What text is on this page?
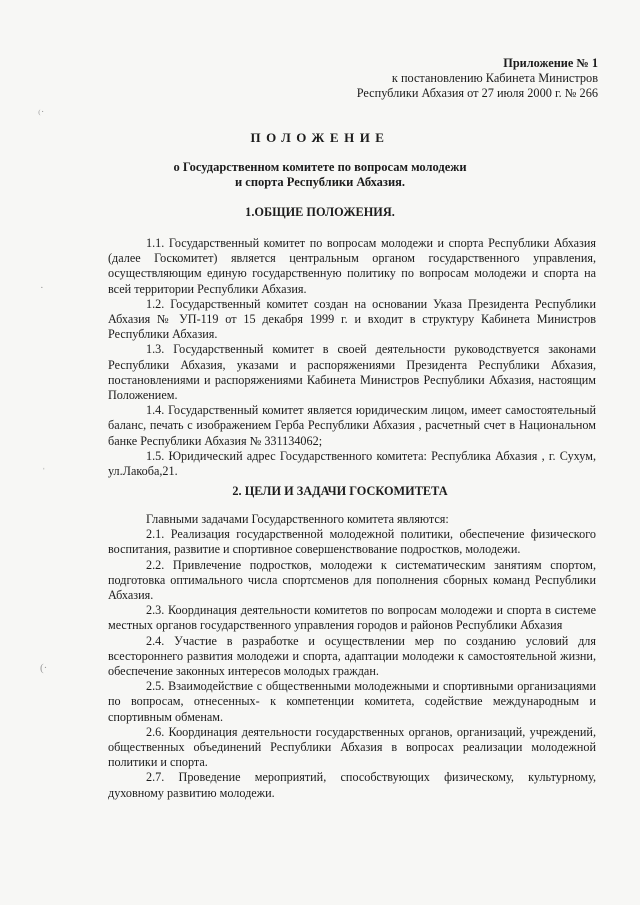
⁽˙
·
ˌ
(·
Приложение № 1
к постановлению Кабинета Министров
Республики Абхазия от 27 июля 2000 г. № 266
ПОЛОЖЕНИЕ
о Государственном комитете по вопросам молодежи
и спорта Республики Абхазия.
1.ОБЩИЕ ПОЛОЖЕНИЯ.

1.1. Государственный комитет по вопросам молодежи и спорта Республики Абхазия (далее Госкомитет) является центральным органом государственного управления, осуществляющим единую государственную политику по вопросам молодежи и спорта на всей территории Республики Абхазия.

1.2. Государственный комитет создан на основании Указа Президента Республики Абхазия № УП-119 от 15 декабря 1999 г. и входит в структуру Кабинета Министров Республики Абхазия.

1.3. Государственный комитет в своей деятельности руководствуется законами Республики Абхазия, указами и распоряжениями Президента Республики Абхазия, постановлениями и распоряжениями Кабинета Министров Республики Абхазия, настоящим Положением.

1.4. Государственный комитет является юридическим лицом, имеет самостоятельный баланс, печать с изображением Герба Республики Абхазия , расчетный счет в Национальном банке Республики Абхазия № 331134062;

1.5. Юридический адрес Государственного комитета: Республика Абхазия , г. Сухум, ул.Лакоба,21.

2. ЦЕЛИ И ЗАДАЧИ ГОСКОМИТЕТА

Главными задачами Государственного комитета являются:

2.1. Реализация государственной молодежной политики, обеспечение физического воспитания, развитие и спортивное совершенствование подростков, молодежи.

2.2. Привлечение подростков, молодежи к систематическим занятиям спортом, подготовка оптимального числа спортсменов для пополнения сборных команд Республики Абхазия.

2.3. Координация деятельности комитетов по вопросам молодежи и спорта в системе местных органов государственного управления городов и районов Республики Абхазия

2.4. Участие в разработке и осуществлении мер по созданию условий для всестороннего развития молодежи и спорта, адаптации молодежи к самостоятельной жизни, обеспечение законных интересов молодых граждан.

2.5. Взаимодействие с общественными молодежными и спортивными организациями по вопросам, отнесенных- к компетенции комитета, содействие международным и спортивным обменам.

2.6. Координация деятельности государственных органов, организаций, учреждений, общественных объединений Республики Абхазия в вопросах реализации молодежной политики и спорта.

2.7. Проведение мероприятий, способствующих физическому, культурному, духовному развитию молодежи.
